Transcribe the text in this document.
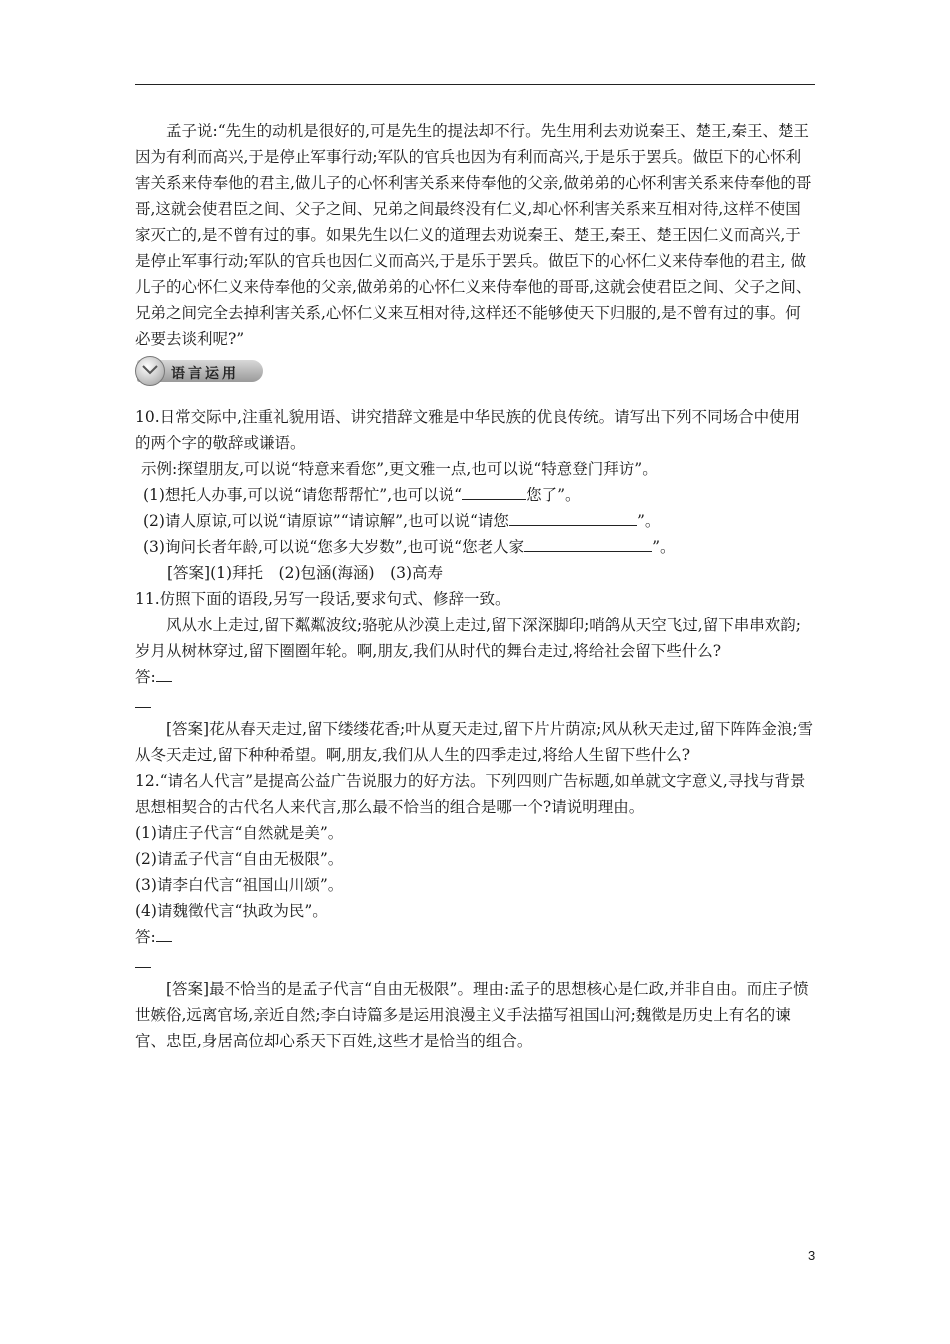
孟子说:“先生的动机是很好的,可是先生的提法却不行。先生用利去劝说秦王、楚王,秦王、楚王因为有利而高兴,于是停止军事行动;军队的官兵也因为有利而高兴,于是乐于罢兵。做臣下的心怀利害关系来侍奉他的君主,做儿子的心怀利害关系来侍奉他的父亲,做弟弟的心怀利害关系来侍奉他的哥哥,这就会使君臣之间、父子之间、兄弟之间最终没有仁义,却心怀利害关系来互相对待,这样不使国家灭亡的,是不曾有过的事。如果先生以仁义的道理去劝说秦王、楚王,秦王、楚王因仁义而高兴,于是停止军事行动;军队的官兵也因仁义而高兴,于是乐于罢兵。做臣下的心怀仁义来侍奉他的君主, 做儿子的心怀仁义来侍奉他的父亲,做弟弟的心怀仁义来侍奉他的哥哥,这就会使君臣之间、父子之间、兄弟之间完全去掉利害关系,心怀仁义来互相对待,这样还不能够使天下归服的,是不曾有过的事。何必要去谈利呢?”

语言运用

10.日常交际中,注重礼貌用语、讲究措辞文雅是中华民族的优良传统。请写出下列不同场合中使用的两个字的敬辞或谦语。

示例:探望朋友,可以说“特意来看您”,更文雅一点,也可以说“特意登门拜访”。

(1)想托人办事,可以说“请您帮帮忙”,也可以说“	您了”。

(2)请人原谅,可以说“请原谅”“请谅解”,也可以说“请您	”。

(3)询问长者年龄,可以说“您多大岁数”,也可说“您老人家	”。

[答案](1)拜托　(2)包涵(海涵)　(3)高寿

11.仿照下面的语段,另写一段话,要求句式、修辞一致。

风从水上走过,留下粼粼波纹;骆驼从沙漠上走过,留下深深脚印;哨鸽从天空飞过,留下串串欢韵;岁月从树林穿过,留下圈圈年轮。啊,朋友,我们从时代的舞台走过,将给社会留下些什么?

答:

[答案]花从春天走过,留下缕缕花香;叶从夏天走过,留下片片荫凉;风从秋天走过,留下阵阵金浪;雪从冬天走过,留下种种希望。啊,朋友,我们从人生的四季走过,将给人生留下些什么?

12.“请名人代言”是提高公益广告说服力的好方法。下列四则广告标题,如单就文字意义,寻找与背景思想相契合的古代名人来代言,那么最不恰当的组合是哪一个?请说明理由。

(1)请庄子代言“自然就是美”。

(2)请孟子代言“自由无极限”。

(3)请李白代言“祖国山川颂”。

(4)请魏徵代言“执政为民”。

答:

[答案]最不恰当的是孟子代言“自由无极限”。理由:孟子的思想核心是仁政,并非自由。而庄子愤世嫉俗,远离官场,亲近自然;李白诗篇多是运用浪漫主义手法描写祖国山河;魏徵是历史上有名的谏官、忠臣,身居高位却心系天下百姓,这些才是恰当的组合。

3
